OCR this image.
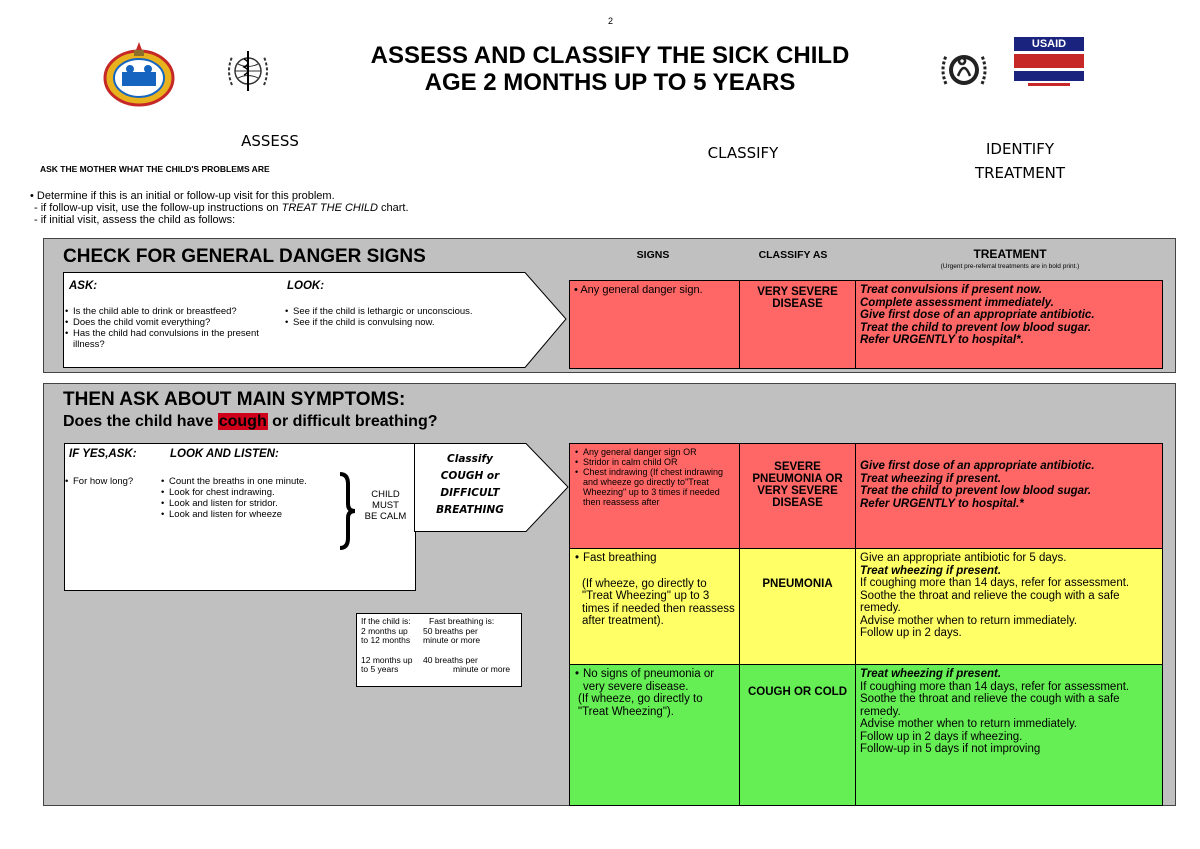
2
ASSESS AND CLASSIFY THE SICK CHILD
AGE 2 MONTHS UP TO 5 YEARS
USAID
ASSESS
CLASSIFY	IDENTIFY
TREATMENT
ASK THE MOTHER WHAT THE CHILD'S PROBLEMS ARE
• Determine if this is an initial or follow-up visit for this problem.
- if follow-up visit, use the follow-up instructions on TREAT THE CHILD chart.
- if initial visit, assess the child as follows:
CHECK FOR GENERAL DANGER SIGNS	SIGNS	CLASSIFY AS	TREATMENT
(Urgent pre-referral treatments are in bold print.)
ASK:	LOOK:
• Is the child able to drink or breastfeed?
• Does the child vomit everything?
• Has the child had convulsions in the present illness?
• See if the child is lethargic or unconscious.
• See if the child is convulsing now.
• Any general danger sign.	VERY SEVERE DISEASE
Treat convulsions if present now.
Complete assessment immediately.
Give first dose of an appropriate antibiotic.
Treat the child to prevent low blood sugar.
Refer URGENTLY to hospital*.
THEN ASK ABOUT MAIN SYMPTOMS:
Does the child have cough or difficult breathing?
IF YES,ASK:	LOOK AND LISTEN:
• For how long?
•	Count the breaths in one minute.
• Look for chest indrawing.
• Look and listen for stridor.
• Look and listen for wheeze
CHILD
MUST
BE CALM
Classify
COUGH or
DIFFICULT
BREATHING
If the child is:	Fast breathing is:
2 months up	50 breaths per
to 12 months	minute or more
12 months up	40 breaths per
to 5 years	minute or more
• Any general danger sign OR
• Stridor in calm child OR
• Chest indrawing (If chest indrawing and wheeze go directly to"Treat Wheezing" up to 3 times if needed then reassess after
SEVERE PNEUMONIA OR VERY SEVERE DISEASE
Give first dose of an appropriate antibiotic.
Treat wheezing if present.
Treat the child to prevent low blood sugar.
Refer URGENTLY to hospital.*
• Fast breathing
(If wheeze, go directly to "Treat Wheezing" up to 3 times if needed then reassess after treatment).
PNEUMONIA
Give an appropriate antibiotic for 5 days.
Treat wheezing if present.
If coughing more than 14 days, refer for assessment.
Soothe the throat and relieve the cough with a safe remedy.
Advise mother when to return immediately.
Follow up in 2 days.
• No signs of pneumonia or very severe disease.
(If wheeze, go directly to "Treat Wheezing").
COUGH OR COLD
Treat wheezing if present.
If coughing more than 14 days, refer for assessment.
Soothe the throat and relieve the cough with a safe remedy.
Advise mother when to return immediately.
Follow up in 2 days if wheezing.
Follow-up in 5 days if not improving
